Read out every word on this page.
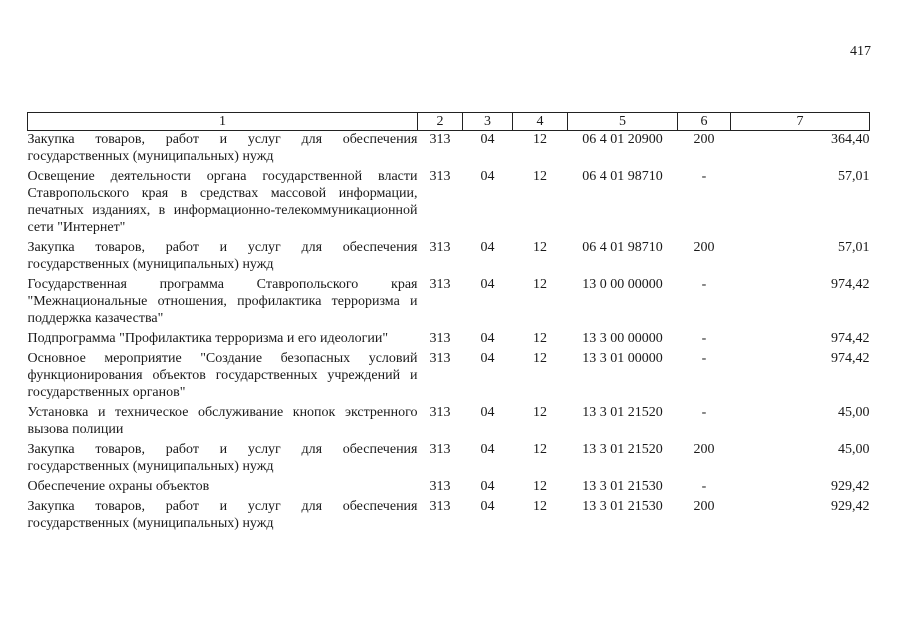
417
1	2	3	4	5	6	7
Закупка товаров, работ и услуг для обеспечения государственных (муниципальных) нужд	313	04	12	06 4 01 20900	200	364,40
Освещение деятельности органа государственной власти Ставропольского края в средствах массовой информации, печатных изданиях, в информационно-телекоммуникационной сети "Интернет"	313	04	12	06 4 01 98710	-	57,01
Закупка товаров, работ и услуг для обеспечения государственных (муниципальных) нужд	313	04	12	06 4 01 98710	200	57,01
Государственная программа Ставропольского края "Межнациональные отношения, профилактика терроризма и поддержка казачества"	313	04	12	13 0 00 00000	-	974,42
Подпрограмма "Профилактика терроризма и его идеологии"	313	04	12	13 3 00 00000	-	974,42
Основное мероприятие "Создание безопасных условий функционирования объектов государственных учреждений и государственных органов"	313	04	12	13 3 01 00000	-	974,42
Установка и техническое обслуживание кнопок экстренного вызова полиции	313	04	12	13 3 01 21520	-	45,00
Закупка товаров, работ и услуг для обеспечения государственных (муниципальных) нужд	313	04	12	13 3 01 21520	200	45,00
Обеспечение охраны объектов	313	04	12	13 3 01 21530	-	929,42
Закупка товаров, работ и услуг для обеспечения государственных (муниципальных) нужд	313	04	12	13 3 01 21530	200	929,42
